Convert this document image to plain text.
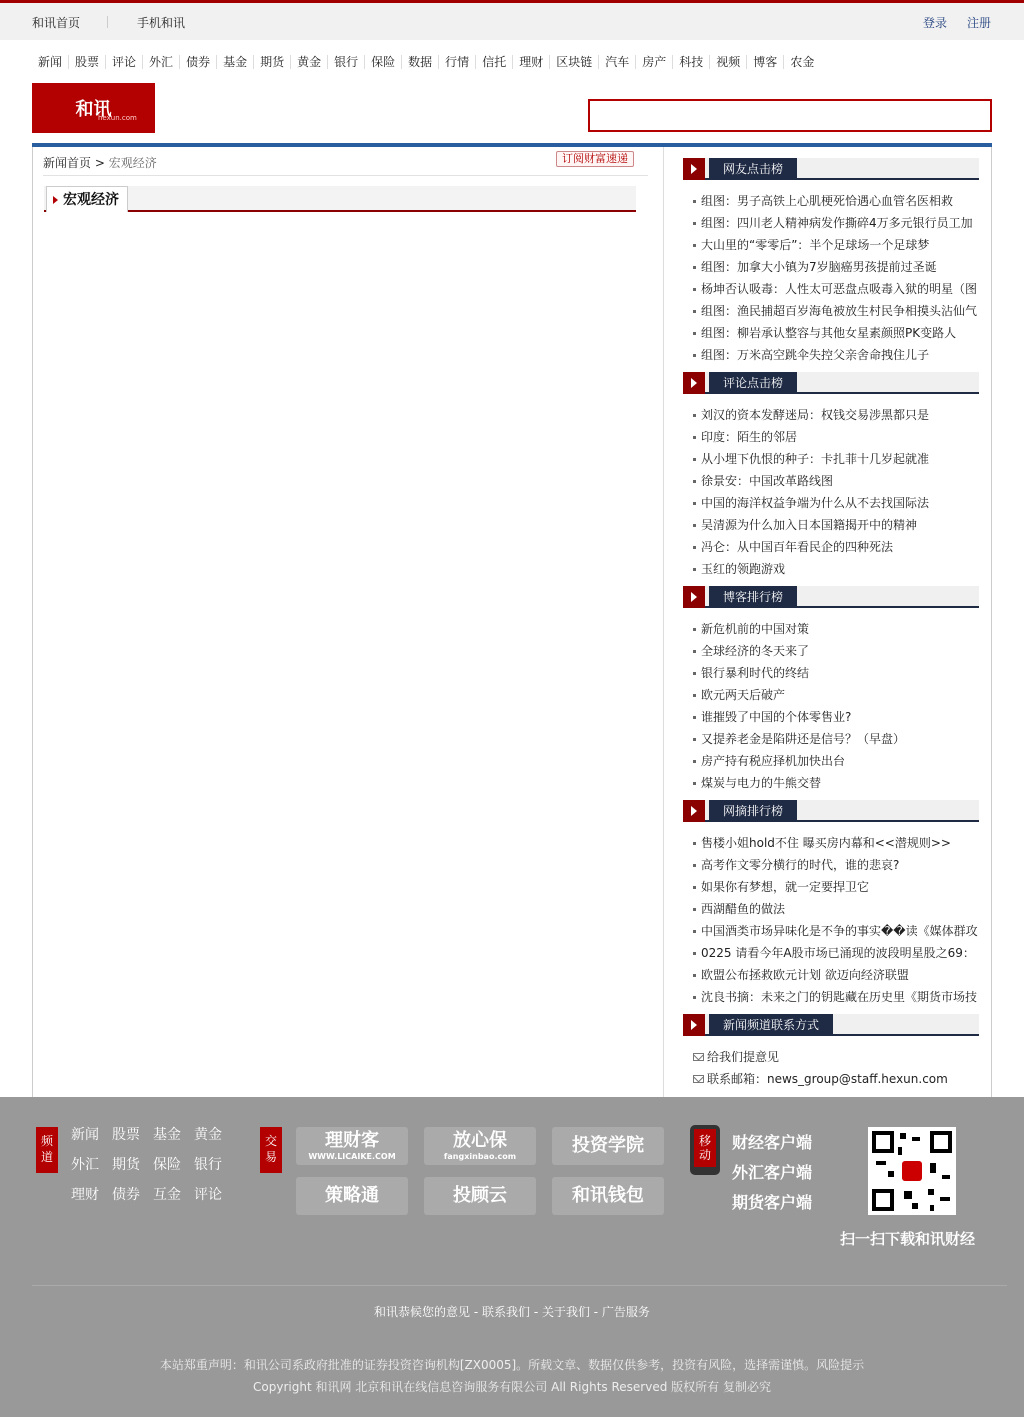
和讯首页	手机和讯	登录 注册
新闻	股票	评论	外汇	债券	基金	期货	黄金	银行	保险	数据	行情	信托	理财	区块链	汽车	房产	科技	视频	博客	农金
和讯
hexun.com
新闻首页 > 宏观经济	订阅财富速递
宏观经济
网友点击榜
组图：男子高铁上心肌梗死恰遇心血管名医相救
组图：四川老人精神病发作撕碎4万多元银行员工加
大山里的“零零后”：半个足球场一个足球梦
组图：加拿大小镇为7岁脑癌男孩提前过圣诞
杨坤否认吸毒：人性太可恶盘点吸毒入狱的明星（图
组图：渔民捕超百岁海龟被放生村民争相摸头沾仙气
组图：柳岩承认整容与其他女星素颜照PK变路人
组图：万米高空跳伞失控父亲舍命拽住儿子
评论点击榜
刘汉的资本发酵迷局：权钱交易涉黑都只是
印度：陌生的邻居
从小埋下仇恨的种子：卡扎菲十几岁起就准
徐景安：中国改革路线图
中国的海洋权益争端为什么从不去找国际法
吴清源为什么加入日本国籍揭开中的精神
冯仑：从中国百年看民企的四种死法
玉红的领跑游戏
博客排行榜
新危机前的中国对策
全球经济的冬天来了
银行暴利时代的终结
欧元两天后破产
谁摧毁了中国的个体零售业?
又提养老金是陷阱还是信号？（早盘）
房产持有税应择机加快出台
煤炭与电力的牛熊交替
网摘排行榜
售楼小姐hold不住 曝买房内幕和<<潜规则>>
高考作文零分横行的时代，谁的悲哀?
如果你有梦想，就一定要捍卫它
西湖醋鱼的做法
中国酒类市场异味化是不争的事实��读《媒体群攻
0225 请看今年A股市场已涌现的波段明星股之69：
欧盟公布拯救欧元计划 欲迈向经济联盟
沈良书摘：未来之门的钥匙藏在历史里《期货市场技
新闻频道联系方式
给我们提意见
联系邮箱：news_group@staff.hexun.com
频道
新闻 股票 基金 黄金
外汇 期货 保险 银行
理财 债券 互金 评论
交易
理财客
WWW.LICAIKE.COM
放心保
fangxinbao.com
投资学院
策略通	投顾云	和讯钱包
移动
财经客户端
外汇客户端
期货客户端
扫一扫下载和讯财经
和讯恭候您的意见 - 联系我们 - 关于我们 - 广告服务
本站郑重声明：和讯公司系政府批准的证券投资咨询机构[ZX0005]。所载文章、数据仅供参考，投资有风险，选择需谨慎。风险提示
Copyright 和讯网 北京和讯在线信息咨询服务有限公司 All Rights Reserved 版权所有 复制必究
